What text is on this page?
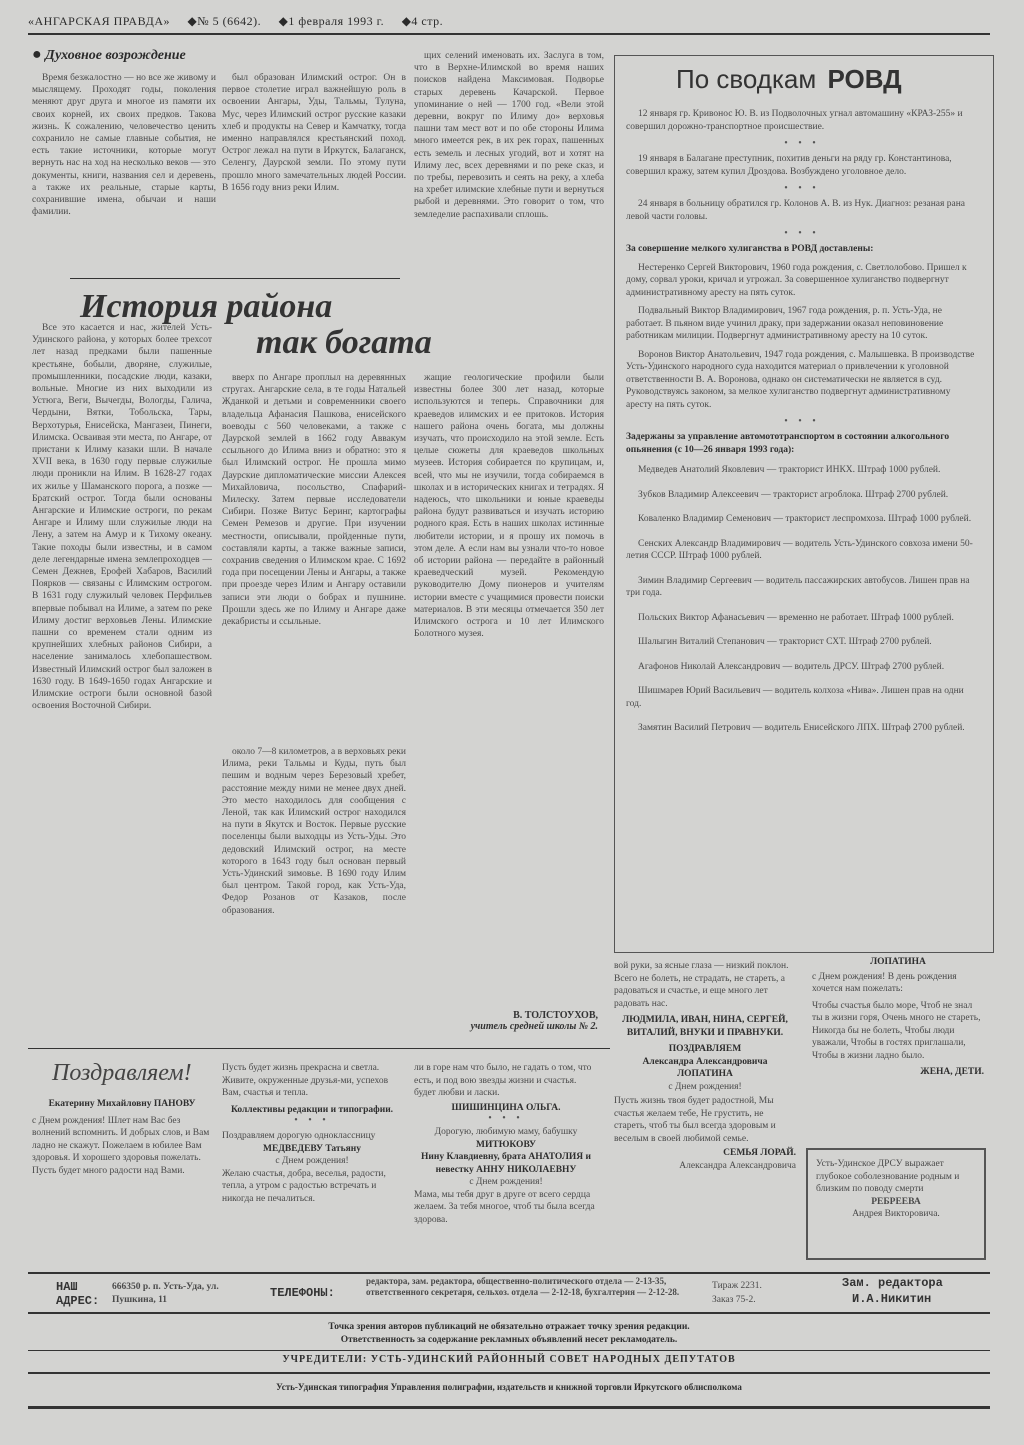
«АНГАРСКАЯ ПРАВДА» ◆№ 5 (6642). ◆1 февраля 1993 г. ◆4 стр.
● Духовное возрождение

Время безжалостно — но все же живому и мыслящему. Проходят годы, поколения меняют друг друга и многое из памяти их своих корней, их своих предков. Такова жизнь. К сожалению, человечество ценить сохранило не самые главные события, не есть такие источники, которые могут вернуть нас на ход на несколько веков — это документы, книги, названия сел и деревень, а также их реальные, старые карты, сохранившие имена, обычаи и наши фамилии.

был образован Илимский острог. Он в первое столетие играл важнейшую роль в освоении Ангары, Уды, Тальмы, Тулуна, Мус, через Илимский острог русские казаки хлеб и продукты на Север и Камчатку, тогда именно направлялся крестьянский поход. Острог лежал на пути в Иркутск, Балаганск, Селенгу, Даурской земли. По этому пути прошло много замечательных людей России. В 1656 году вниз реки Илим.

щих селений именовать их. Заслуга в том, что в Верхне-Илимской во время наших поисков найдена Максимовая. Подворье старых деревень Качарской. Первое упоминание о ней — 1700 год. «Вели этой деревни, вокруг по Илиму до» верховья пашни там мест вот и по обе стороны Илима много имеется рек, в их рек горах, пашенных есть земель и лесных угодий, вот и хотят на Илиму лес, всех деревнями и по реке сказ, и по требы, перевозить и сеять на реку, а хлеба на хребет илимские хлебные пути и вернуться рыбой и деревнями. Это говорит о том, что земледелие распахивали сплошь.

История района
так богата

Все это касается и нас, жителей Усть-Удинского района, у которых более трехсот лет назад предками были пашенные крестьяне, бобыли, дворяне, служилые, промышленники, посадские люди, казаки, вольные. Многие из них выходили из Устюга, Веги, Вычегды, Вологды, Галича, Чердыни, Вятки, Тобольска, Тары, Верхотурья, Енисейска, Мангазеи, Пинеги, Илимска. Осваивая эти места, по Ангаре, от пристани к Илиму казаки шли. В начале XVII века, в 1630 году первые служилые люди проникли на Илим. В 1628-27 годах их жилье у Шаманского порога, а позже — Братский острог. Тогда были основаны Ангарские и Илимские остроги, по рекам Ангаре и Илиму шли служилые люди на Лену, а затем на Амур и к Тихому океану. Такие походы были известны, и в самом деле легендарные имена землепроходцев — Семен Дежнев, Ерофей Хабаров, Василий Поярков — связаны с Илимским острогом. В 1631 году служилый человек Перфильев впервые побывал на Илиме, а затем по реке Илиму достиг верховьев Лены. Илимские пашни со временем стали одним из крупнейших хлебных районов Сибири, а население занималось хлебопашеством. Известный Илимский острог был заложен в 1630 году. В 1649-1650 годах Ангарские и Илимские остроги были основной базой освоения Восточной Сибири.

вверх по Ангаре проплыл на деревянных стругах. Ангарские села, в те годы Натальей Жданкой и детьми и современники своего владельца Афанасия Пашкова, енисейского воеводы с 560 человеками, а также с Даурской землей в 1662 году Аввакум ссыльного до Илима вниз и обратно: это я был Илимский острог. Не прошла мимо Даурские дипломатические миссии Алексея Михайловича, посольство, Спафарий-Милеску. Затем первые исследователи Сибири. Позже Витус Беринг, картографы Семен Ремезов и другие. При изучении местности, описывали, пройденные пути, составляли карты, а также важные записи, сохранив сведения о Илимском крае. С 1692 года при посещении Лены и Ангары, а также при проезде через Илим и Ангару оставили записи эти люди о бобрах и пушнине. Прошли здесь же по Илиму и Ангаре даже декабристы и ссыльные.

около 7—8 километров, а в верховьях реки Илима, реки Тальмы и Куды, путь был пешим и водным через Березовый хребет, расстояние между ними не менее двух дней. Это место находилось для сообщения с Леной, так как Илимский острог находился на пути в Якутск и Восток. Первые русские поселенцы были выходцы из Усть-Уды. Это дедовский Илимский острог, на месте которого в 1643 году был основан первый Усть-Удинский зимовье. В 1690 году Илим был центром. Такой город, как Усть-Уда, Федор Розанов от Казаков, после образования.

жащие геологические профили были известны более 300 лет назад, которые используются и теперь. Справочники для краеведов илимских и ее притоков. История нашего района очень богата, мы должны изучать, что происходило на этой земле. Есть целые сюжеты для краеведов школьных музеев. История собирается по крупицам, и, всей, что мы не изучили, тогда собираемся в школах и в исторических книгах и тетрадях. Я надеюсь, что школьники и юные краеведы района будут развиваться и изучать историю родного края. Есть в наших школах истинные любители истории, и я прошу их помочь в этом деле. А если нам вы узнали что-то новое об истории района — передайте в районный краеведческий музей. Рекомендую руководителю Дому пионеров и учителям истории вместе с учащимися провести поиски материалов. В эти месяцы отмечается 350 лет Илимского острога и 10 лет Илимского Болотного музея.

В. ТОЛСТОУХОВ,
учитель средней школы № 2.
По сводкам РОВД

12 января гр. Кривонос Ю. В. из Подволочных угнал автомашину «КРАЗ-255» и совершил дорожно-транспортное происшествие.

• • •

19 января в Балагане преступник, похитив деньги на ряду гр. Константинова, совершил кражу, затем купил Дроздова. Возбуждено уголовное дело.

• • •

24 января в больницу обратился гр. Колонов А. В. из Нук. Диагноз: резаная рана левой части головы.

• • •

За совершение мелкого хулиганства в РОВД доставлены:

Нестеренко Сергей Викторович, 1960 года рождения, с. Светлолобово. Пришел к дому, сорвал уроки, кричал и угрожал. За совершенное хулиганство подвергнут административному аресту на пять суток.

Подвальный Виктор Владимирович, 1967 года рождения, р. п. Усть-Уда, не работает. В пьяном виде учинил драку, при задержании оказал неповиновение работникам милиции. Подвергнут административному аресту на 10 суток.

Воронов Виктор Анатольевич, 1947 года рождения, с. Малышевка. В производстве Усть-Удинского народного суда находится материал о привлечении к уголовной ответственности В. А. Воронова, однако он систематически не является в суд. Руководствуясь законом, за мелкое хулиганство подвергнут административному аресту на пять суток.

• • •

Задержаны за управление автомототранспортом в состоянии алкогольного опьянения (с 10—26 января 1993 года):

Медведев Анатолий Яковлевич — тракторист ИНКХ. Штраф 1000 рублей.

Зубков Владимир Алексеевич — тракторист агроблока. Штраф 2700 рублей.

Коваленко Владимир Семенович — тракторист леспромхоза. Штраф 1000 рублей.

Сенских Александр Владимирович — водитель Усть-Удинского совхоза имени 50-летия СССР. Штраф 1000 рублей.

Зимин Владимир Сергеевич — водитель пассажирских автобусов. Лишен прав на три года.

Польских Виктор Афанасьевич — временно не работает. Штраф 1000 рублей.

Шалыгин Виталий Степанович — тракторист СХТ. Штраф 2700 рублей.

Агафонов Николай Александрович — водитель ДРСУ. Штраф 2700 рублей.

Шишмарев Юрий Васильевич — водитель колхоза «Нива». Лишен прав на одни год.

Замятин Василий Петрович — водитель Енисейского ЛПХ. Штраф 2700 рублей.

вой руки, за ясные глаза — низкий поклон. Всего не болеть, не страдать, не стареть, а радоваться и счастье, и еще много лет радовать нас.

ЛЮДМИЛА, ИВАН, НИНА, СЕРГЕЙ, ВИТАЛИЙ, ВНУКИ И ПРАВНУКИ.

ПОЗДРАВЛЯЕМ
Александра Александровича ЛОПАТИНА
с Днем рождения!

Пусть жизнь твоя будет радостной, Мы счастья желаем тебе, Не грустить, не стареть, чтоб ты был всегда здоровым и веселым в своей любимой семье.

СЕМЬЯ ЛОРАЙ.
Александра Александровича
ЛОПАТИНА

с Днем рождения! В день рождения хочется нам пожелать:

Чтобы счастья было море, Чтоб не знал ты в жизни горя, Очень много не стареть, Никогда бы не болеть, Чтобы люди уважали, Чтобы в гостях приглашали, Чтобы в жизни ладно было.

ЖЕНА, ДЕТИ.
Усть-Удинское ДРСУ выражает глубокое соболезнование родным и близким по поводу смерти
РЕБРЕЕВА
Андрея Викторовича.
Поздравляем!
Екатерину Михайловну ПАНОВУ

с Днем рождения! Шлет нам Вас без волнений вспомнить. И добрых слов, и Вам ладно не скажут. Пожелаем в юбилее Вам здоровья. И хорошего здоровья пожелать. Пусть будет много радости над Вами.

Пусть будет жизнь прекрасна и светла. Живите, окруженные друзья-ми, успехов Вам, счастья и тепла.

Коллективы редакции и типографии.
• • •

Поздравляем дорогую одноклассницу

МЕДВЕДЕВУ Татьяну
с Днем рождения!

Желаю счастья, добра, веселья, радости, тепла, а утром с радостью встречать и никогда не печалиться.

ли в горе нам что было, не гадать о том, что есть, и под вою звезды жизни и счастья. будет любви и ласки.

ШИШИНЦИНА ОЛЬГА.
• • •

Дорогую, любимую маму, бабушку

МИТЮКОВУ
Нину Клавдиевну, брата АНАТОЛИЯ и невестку АННУ НИКОЛАЕВНУ
с Днем рождения!

Мама, мы тебя друг в друге от всего сердца желаем. За тебя многое, чтоб ты была всегда здорова.

НАШ АДРЕС:
666350 р. п. Усть-Уда, ул. Пушкина, 11	ТЕЛЕФОНЫ:
редактора, зам. редактора, общественно-политического отдела — 2-13-35, ответственного секретаря, сельхоз. отдела — 2-12-18, бухгалтерия — 2-12-28.
Тираж 2231.
Заказ 75-2.
Зам. редактора
И.А.Никитин
Точка зрения авторов публикаций не обязательно отражает точку зрения редакции.
Ответственность за содержание рекламных объявлений несет рекламодатель.
УЧРЕДИТЕЛИ: УСТЬ-УДИНСКИЙ РАЙОННЫЙ СОВЕТ НАРОДНЫХ ДЕПУТАТОВ
Усть-Удинская типография Управления полиграфии, издательств и книжной торговли Иркутского облисполкома
